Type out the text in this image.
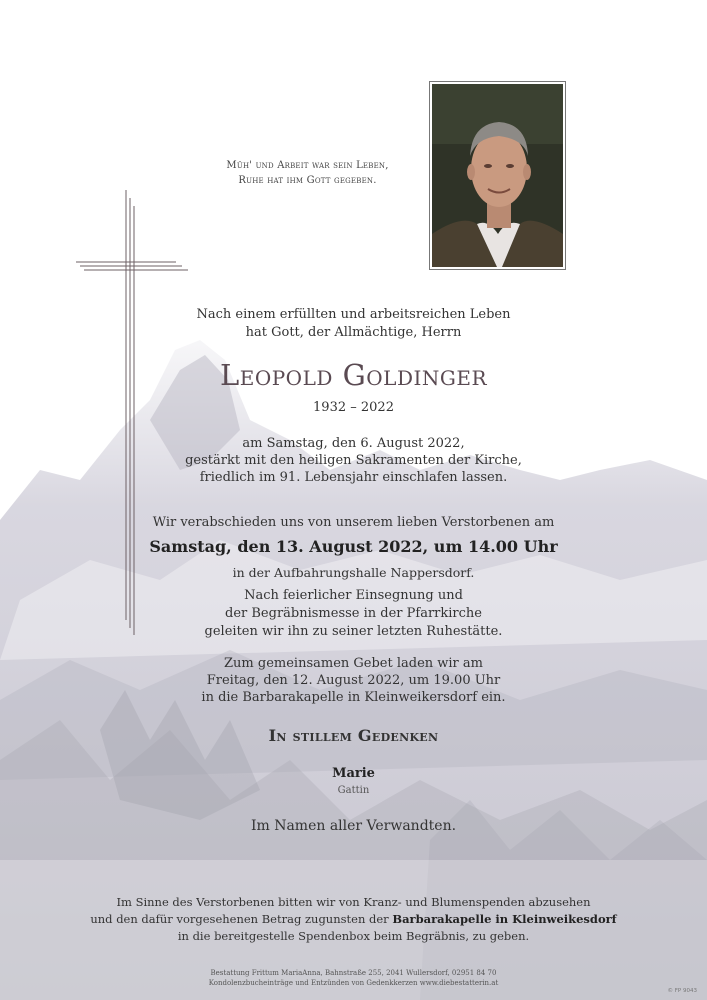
Müh' und Arbeit war sein Leben,
Ruhe hat ihm Gott gegeben.
Nach einem erfüllten und arbeitsreichen Leben
hat Gott, der Allmächtige, Herrn
Leopold Goldinger
1932 – 2022
am Samstag, den 6. August 2022,
gestärkt mit den heiligen Sakramenten der Kirche,
friedlich im 91. Lebensjahr einschlafen lassen.
Wir verabschieden uns von unserem lieben Verstorbenen am
Samstag, den 13. August 2022, um 14.00 Uhr
in der Aufbahrungshalle Nappersdorf.
Nach feierlicher Einsegnung und
der Begräbnismesse in der Pfarrkirche
geleiten wir ihn zu seiner letzten Ruhestätte.
Zum gemeinsamen Gebet laden wir am
Freitag, den 12. August 2022, um 19.00 Uhr
in die Barbarakapelle in Kleinweikersdorf ein.
In stillem Gedenken
Marie
Gattin
Im Namen aller Verwandten.
Im Sinne des Verstorbenen bitten wir von Kranz- und Blumenspenden abzusehen
und den dafür vorgesehenen Betrag zugunsten der Barbarakapelle in Kleinweikesdorf
in die bereitgestelle Spendenbox beim Begräbnis, zu geben.
Bestattung Frittum MariaAnna, Bahnstraße 255, 2041 Wullersdorf, 02951 84 70
Kondolenzbucheinträge und Entzünden von Gedenkkerzen www.diebestatterin.at
© FP 9043
